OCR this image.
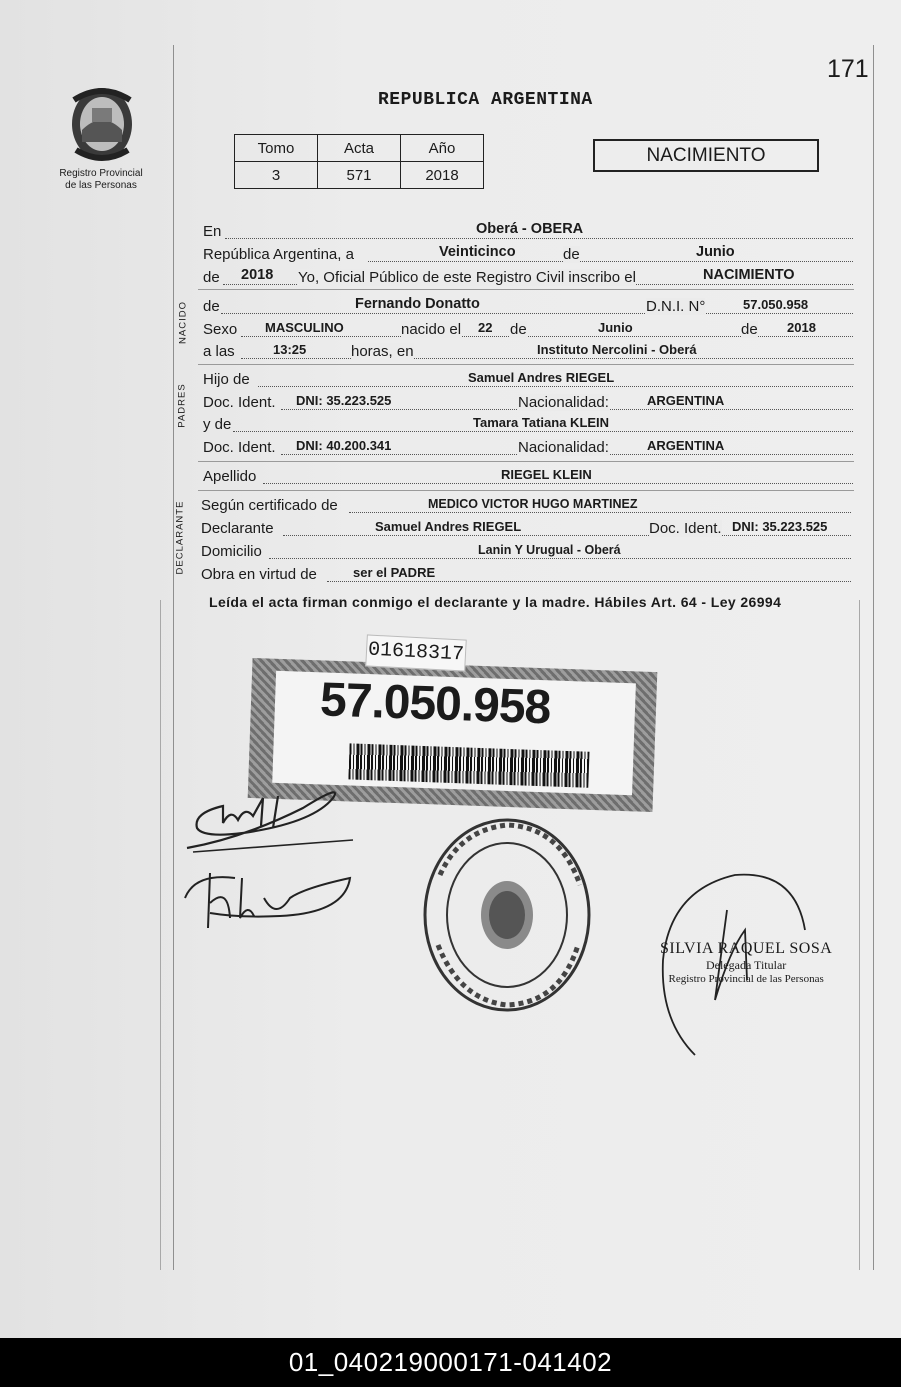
171
REPUBLICA ARGENTINA
Registro Provincial
de las Personas
Tomo	Acta	Año
3	571	2018
NACIMIENTO
En	Oberá - OBERA
República Argentina, a	Veinticinco	de	Junio
de 2018 Yo, Oficial Público de este Registro Civil inscribo el	NACIMIENTO
NACIDO de	Fernando Donatto	D.N.I. N°	57.050.958
Sexo MASCULINO	nacido el 22 de	Junio	de 2018
a las	13:25	horas, en	Instituto Nercolini - Oberá
PADRES
Hijo de	Samuel Andres RIEGEL
Doc. Ident. DNI: 35.223.525	Nacionalidad:	ARGENTINA
y de	Tamara Tatiana KLEIN
Doc. Ident. DNI: 40.200.341	Nacionalidad:	ARGENTINA
Apellido	RIEGEL KLEIN
DECLARANTE Según certificado de	MEDICO VICTOR HUGO MARTINEZ
Declarante	Samuel Andres RIEGEL	Doc. Ident. DNI: 35.223.525
Domicilio	Lanin Y Urugual - Oberá
Obra en virtud de	ser el PADRE
Leída el acta firman conmigo el declarante y la madre. Hábiles Art. 64 - Ley 26994
57.050.958
01618317
SILVIA RAQUEL SOSA
Delegada Titular
Registro Provincial de las Personas
01_040219000171-041402
